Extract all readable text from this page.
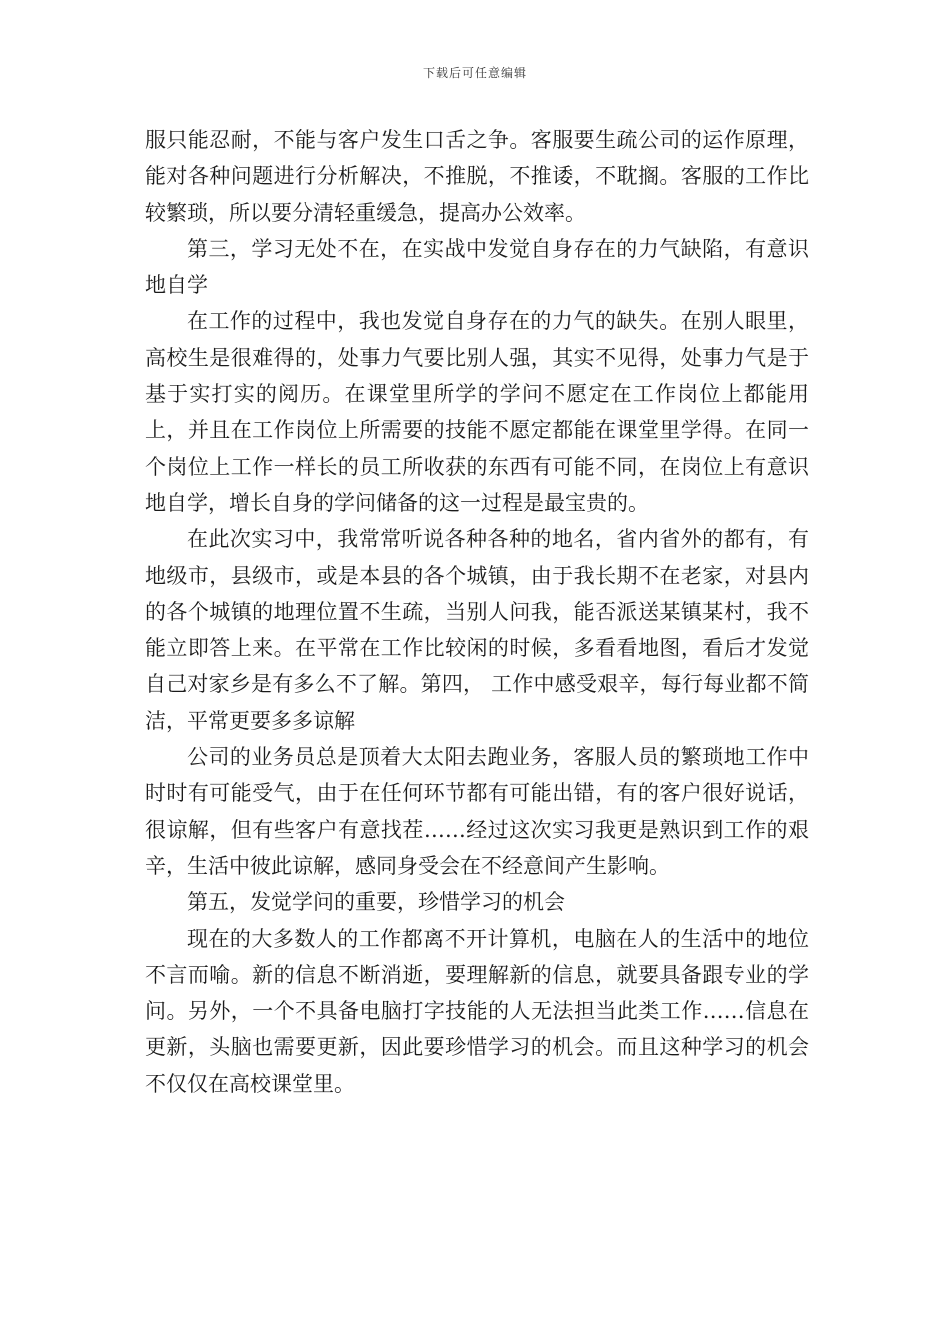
下载后可任意编辑

服只能忍耐，不能与客户发生口舌之争。客服要生疏公司的运作原理，能对各种问题进行分析解决，不推脱，不推诿，不耽搁。客服的工作比较繁琐，所以要分清轻重缓急，提高办公效率。

第三，学习无处不在，在实战中发觉自身存在的力气缺陷，有意识地自学

在工作的过程中，我也发觉自身存在的力气的缺失。在别人眼里，高校生是很难得的，处事力气要比别人强，其实不见得，处事力气是于基于实打实的阅历。在课堂里所学的学问不愿定在工作岗位上都能用上，并且在工作岗位上所需要的技能不愿定都能在课堂里学得。在同一个岗位上工作一样长的员工所收获的东西有可能不同，在岗位上有意识地自学，增长自身的学问储备的这一过程是最宝贵的。

在此次实习中，我常常听说各种各种的地名，省内省外的都有，有地级市，县级市，或是本县的各个城镇，由于我长期不在老家，对县内的各个城镇的地理位置不生疏，当别人问我，能否派送某镇某村，我不能立即答上来。在平常在工作比较闲的时候，多看看地图，看后才发觉自己对家乡是有多么不了解。第四， 工作中感受艰辛，每行每业都不简洁，平常更要多多谅解

公司的业务员总是顶着大太阳去跑业务，客服人员的繁琐地工作中时时有可能受气，由于在任何环节都有可能出错，有的客户很好说话，很谅解，但有些客户有意找茬……经过这次实习我更是熟识到工作的艰辛，生活中彼此谅解，感同身受会在不经意间产生影响。

第五，发觉学问的重要，珍惜学习的机会

现在的大多数人的工作都离不开计算机，电脑在人的生活中的地位不言而喻。新的信息不断消逝，要理解新的信息，就要具备跟专业的学问。另外，一个不具备电脑打字技能的人无法担当此类工作……信息在更新，头脑也需要更新，因此要珍惜学习的机会。而且这种学习的机会不仅仅在高校课堂里。
